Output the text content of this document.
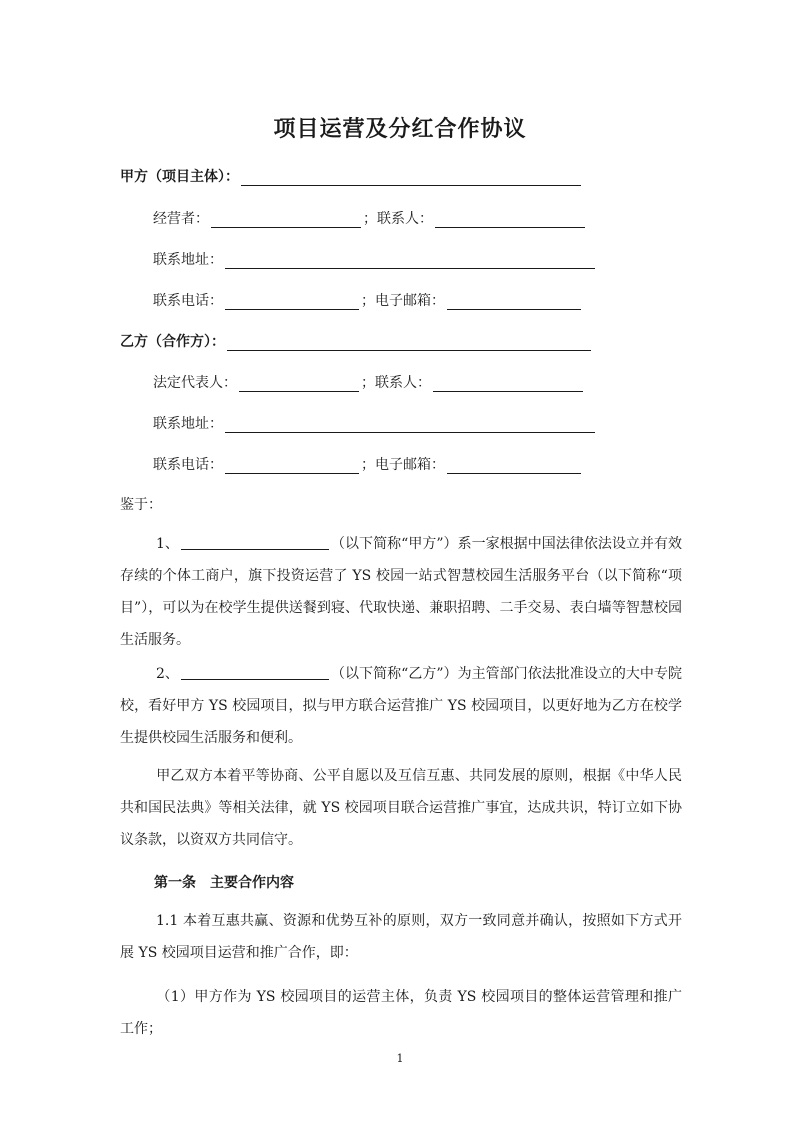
项目运营及分红合作协议
甲方（项目主体）：
经营者：	；联系人：
联系地址：
联系电话：	；电子邮箱：
乙方（合作方）：
法定代表人：	；联系人：
联系地址：
联系电话：	；电子邮箱：
鉴于：
1、	（以下简称“甲方”）系一家根据中国法律依法设立并有效存续的个体工商户，旗下投资运营了 YS 校园一站式智慧校园生活服务平台（以下简称“项目”），可以为在校学生提供送餐到寝、代取快递、兼职招聘、二手交易、表白墙等智慧校园生活服务。
2、	（以下简称“乙方”）为主管部门依法批准设立的大中专院校，看好甲方 YS 校园项目，拟与甲方联合运营推广 YS 校园项目，以更好地为乙方在校学生提供校园生活服务和便利。
甲乙双方本着平等协商、公平自愿以及互信互惠、共同发展的原则，根据《中华人民共和国民法典》等相关法律，就 YS 校园项目联合运营推广事宜，达成共识，特订立如下协议条款，以资双方共同信守。
第一条　主要合作内容
1.1 本着互惠共赢、资源和优势互补的原则，双方一致同意并确认，按照如下方式开展 YS 校园项目运营和推广合作，即：
（1）甲方作为 YS 校园项目的运营主体，负责 YS 校园项目的整体运营管理和推广工作；
1
